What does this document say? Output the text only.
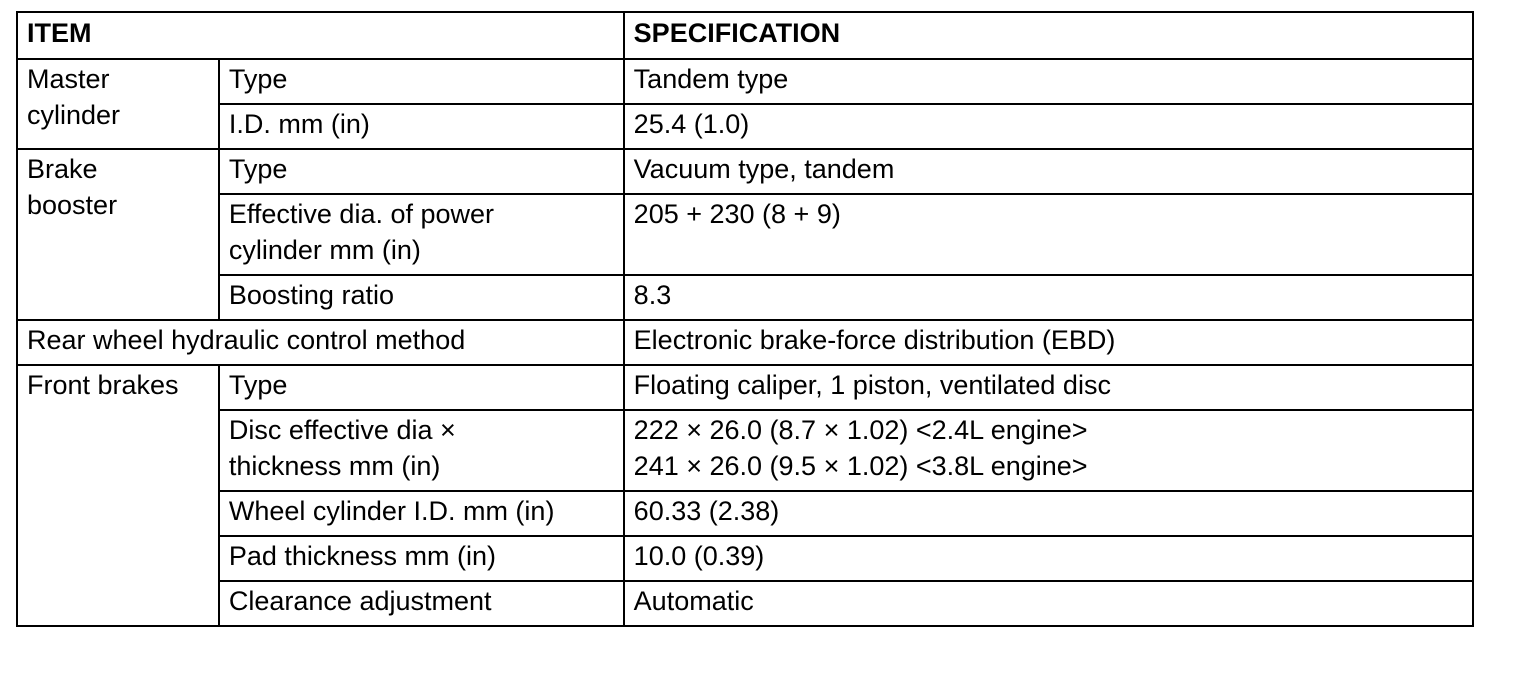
ITEM		SPECIFICATION

Master cylinder	Type	Tandem type
	I.D. mm (in)	25.4 (1.0)

Brake booster	Type	Vacuum type, tandem

	Effective dia. of power cylinder mm (in)	205 + 230 (8 + 9)
	Boosting ratio	8.3
Rear wheel hydraulic control method		Electronic brake-force distribution (EBD)
Front brakes	Type	Floating caliper, 1 piston, ventilated disc

	Disc effective dia × thickness mm (in)	222 × 26.0 (8.7 × 1.02) <2.4L engine>
241 × 26.0 (9.5 × 1.02) <3.8L engine>

	Wheel cylinder I.D. mm (in)	60.33 (2.38)
	Pad thickness mm (in)	10.0 (0.39)
	Clearance adjustment	Automatic
